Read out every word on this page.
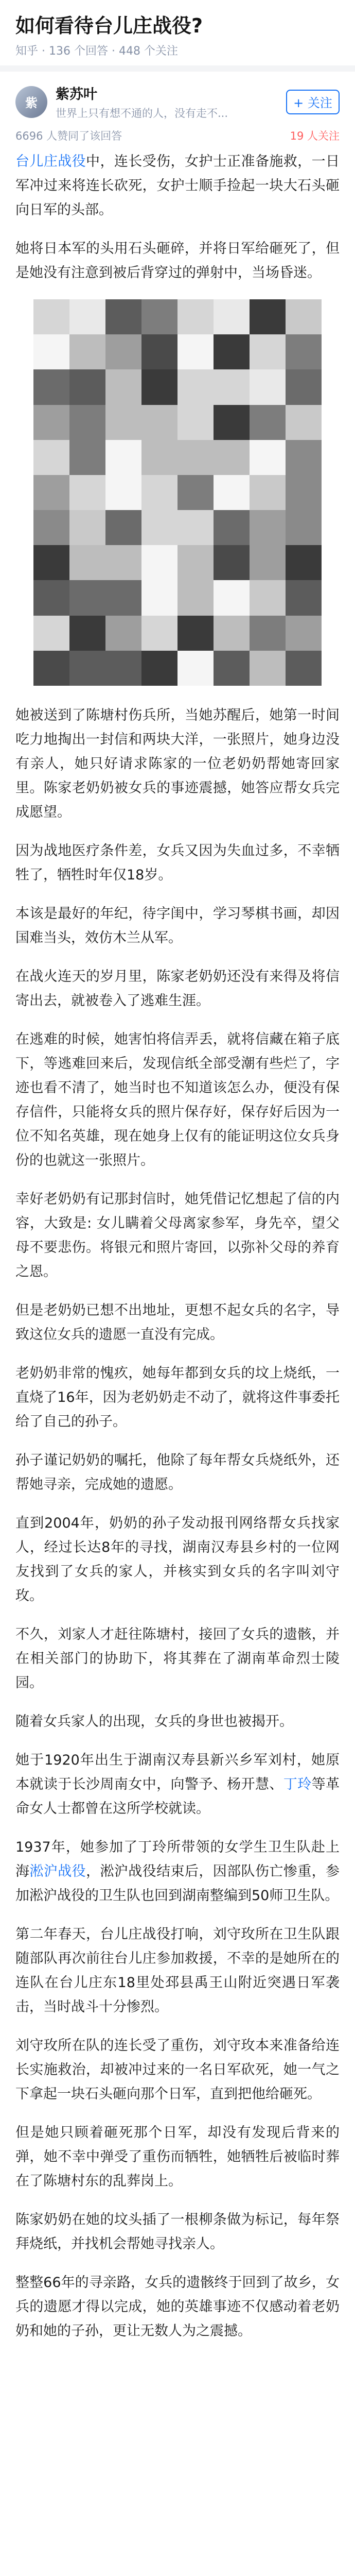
如何看待台儿庄战役?
知乎 · 136 个回答 · 448 个关注
紫
紫苏叶
世界上只有想不通的人，没有走不...
+ 关注
6696 人赞同了该回答	19 人关注

台儿庄战役中，连长受伤，女护士正准备施救，一日军冲过来将连长砍死，女护士顺手捡起一块大石头砸向日军的头部。

她将日本军的头用石头砸碎，并将日军给砸死了，但是她没有注意到被后背穿过的弹射中，当场昏迷。

她被送到了陈塘村伤兵所，当她苏醒后，她第一时间吃力地掏出一封信和两块大洋，一张照片，她身边没有亲人，她只好请求陈家的一位老奶奶帮她寄回家里。陈家老奶奶被女兵的事迹震撼，她答应帮女兵完成愿望。

因为战地医疗条件差，女兵又因为失血过多，不幸牺牲了，牺牲时年仅18岁。

本该是最好的年纪，待字闺中，学习琴棋书画，却因国难当头，效仿木兰从军。

在战火连天的岁月里，陈家老奶奶还没有来得及将信寄出去，就被卷入了逃难生涯。

在逃难的时候，她害怕将信弄丢，就将信藏在箱子底下，等逃难回来后，发现信纸全部受潮有些烂了，字迹也看不清了，她当时也不知道该怎么办，便没有保存信件，只能将女兵的照片保存好，保存好后因为一位不知名英雄，现在她身上仅有的能证明这位女兵身份的也就这一张照片。

幸好老奶奶有记那封信时，她凭借记忆想起了信的内容，大致是: 女儿瞒着父母离家参军，身先卒，望父母不要悲伤。将银元和照片寄回，以弥补父母的养育之恩。

但是老奶奶已想不出地址，更想不起女兵的名字，导致这位女兵的遗愿一直没有完成。

老奶奶非常的愧疚，她每年都到女兵的坟上烧纸，一直烧了16年，因为老奶奶走不动了，就将这件事委托给了自己的孙子。

孙子谨记奶奶的嘱托，他除了每年帮女兵烧纸外，还帮她寻亲，完成她的遗愿。

直到2004年，奶奶的孙子发动报刊网络帮女兵找家人，经过长达8年的寻找，湖南汉寿县乡村的一位网友找到了女兵的家人，并核实到女兵的名字叫刘守玫。

不久，刘家人才赶往陈塘村，接回了女兵的遗骸，并在相关部门的协助下，将其葬在了湖南革命烈士陵园。

随着女兵家人的出现，女兵的身世也被揭开。

她于1920年出生于湖南汉寿县新兴乡军刘村，她原本就读于长沙周南女中，向警予、杨开慧、丁玲等革命女人士都曾在这所学校就读。

1937年，她参加了丁玲所带领的女学生卫生队赴上海淞沪战役，淞沪战役结束后，因部队伤亡惨重，参加淞沪战役的卫生队也回到湖南整编到50师卫生队。

第二年春天，台儿庄战役打响，刘守玫所在卫生队跟随部队再次前往台儿庄参加救援，不幸的是她所在的连队在台儿庄东18里处邳县禹王山附近突遇日军袭击，当时战斗十分惨烈。

刘守玫所在队的连长受了重伤，刘守玫本来准备给连长实施救治，却被冲过来的一名日军砍死，她一气之下拿起一块石头砸向那个日军，直到把他给砸死。

但是她只顾着砸死那个日军，却没有发现后背来的弹，她不幸中弹受了重伤而牺牲，她牺牲后被临时葬在了陈塘村东的乱葬岗上。

陈家奶奶在她的坟头插了一根柳条做为标记，每年祭拜烧纸，并找机会帮她寻找亲人。

整整66年的寻亲路，女兵的遗骸终于回到了故乡，女兵的遗愿才得以完成，她的英雄事迹不仅感动着老奶奶和她的子孙，更让无数人为之震撼。
